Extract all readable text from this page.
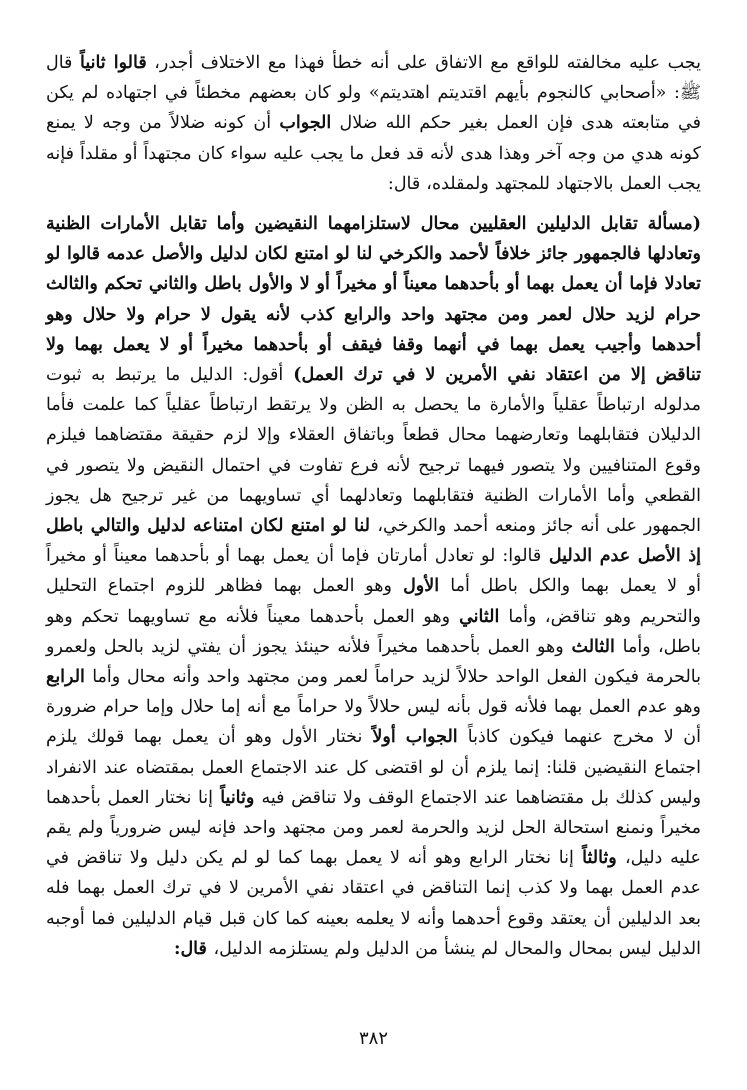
يجب عليه مخالفته للواقع مع الاتفاق على أنه خطأ فهذا مع الاختلاف أجدر، قالوا ثانياً قال ﷺ: «أصحابي كالنجوم بأيهم اقتديتم اهتديتم» ولو كان بعضهم مخطئاً في اجتهاده لم يكن في متابعته هدى فإن العمل بغير حكم الله ضلال الجواب أن كونه ضلالاً من وجه لا يمنع كونه هدي من وجه آخر وهذا هدى لأنه قد فعل ما يجب عليه سواء كان مجتهداً أو مقلداً فإنه يجب العمل بالاجتهاد للمجتهد ولمقلده، قال:

(مسألة تقابل الدليلين العقليين محال لاستلزامهما النقيضين وأما تقابل الأمارات الظنية وتعادلها فالجمهور جائز خلافاً لأحمد والكرخي لنا لو امتنع لكان لدليل والأصل عدمه قالوا لو تعادلا فإما أن يعمل بهما أو بأحدهما معيناً أو مخيراً أو لا والأول باطل والثاني تحكم والثالث حرام لزيد حلال لعمر ومن مجتهد واحد والرابع كذب لأنه يقول لا حرام ولا حلال وهو أحدهما وأجيب يعمل بهما في أنهما وقفا فيقف أو بأحدهما مخيراً أو لا يعمل بهما ولا تناقض إلا من اعتقاد نفي الأمرين لا في ترك العمل) أقول: الدليل ما يرتبط به ثبوت مدلوله ارتباطاً عقلياً والأمارة ما يحصل به الظن ولا يرتقط ارتباطاً عقلياً كما علمت فأما الدليلان فتقابلهما وتعارضهما محال قطعاً وباتفاق العقلاء وإلا لزم حقيقة مقتضاهما فيلزم وقوع المتنافيين ولا يتصور فيهما ترجيح لأنه فرع تفاوت في احتمال النقيض ولا يتصور في القطعي وأما الأمارات الظنية فتقابلهما وتعادلهما أي تساويهما من غير ترجيح هل يجوز الجمهور على أنه جائز ومنعه أحمد والكرخي، لنا لو امتنع لكان امتناعه لدليل والتالي باطل إذ الأصل عدم الدليل قالوا: لو تعادل أمارتان فإما أن يعمل بهما أو بأحدهما معيناً أو مخيراً أو لا يعمل بهما والكل باطل أما الأول وهو العمل بهما فظاهر للزوم اجتماع التحليل والتحريم وهو تناقض، وأما الثاني وهو العمل بأحدهما معيناً فلأنه مع تساويهما تحكم وهو باطل، وأما الثالث وهو العمل بأحدهما مخيراً فلأنه حينئذ يجوز أن يفتي لزيد بالحل ولعمرو بالحرمة فيكون الفعل الواحد حلالاً لزيد حراماً لعمر ومن مجتهد واحد وأنه محال وأما الرابع وهو عدم العمل بهما فلأنه قول بأنه ليس حلالاً ولا حراماً مع أنه إما حلال وإما حرام ضرورة أن لا مخرج عنهما فيكون كاذباً الجواب أولاً نختار الأول وهو أن يعمل بهما قولك يلزم اجتماع النقيضين قلنا: إنما يلزم أن لو اقتضى كل عند الاجتماع العمل بمقتضاه عند الانفراد وليس كذلك بل مقتضاهما عند الاجتماع الوقف ولا تناقض فيه وثانياً إنا نختار العمل بأحدهما مخيراً ونمنع استحالة الحل لزيد والحرمة لعمر ومن مجتهد واحد فإنه ليس ضرورياً ولم يقم عليه دليل، وثالثاً إنا نختار الرابع وهو أنه لا يعمل بهما كما لو لم يكن دليل ولا تناقض في عدم العمل بهما ولا كذب إنما التناقض في اعتقاد نفي الأمرين لا في ترك العمل بهما فله بعد الدليلين أن يعتقد وقوع أحدهما وأنه لا يعلمه بعينه كما كان قبل قيام الدليلين فما أوجبه الدليل ليس بمحال والمحال لم ينشأ من الدليل ولم يستلزمه الدليل، قال:

٣٨٢
